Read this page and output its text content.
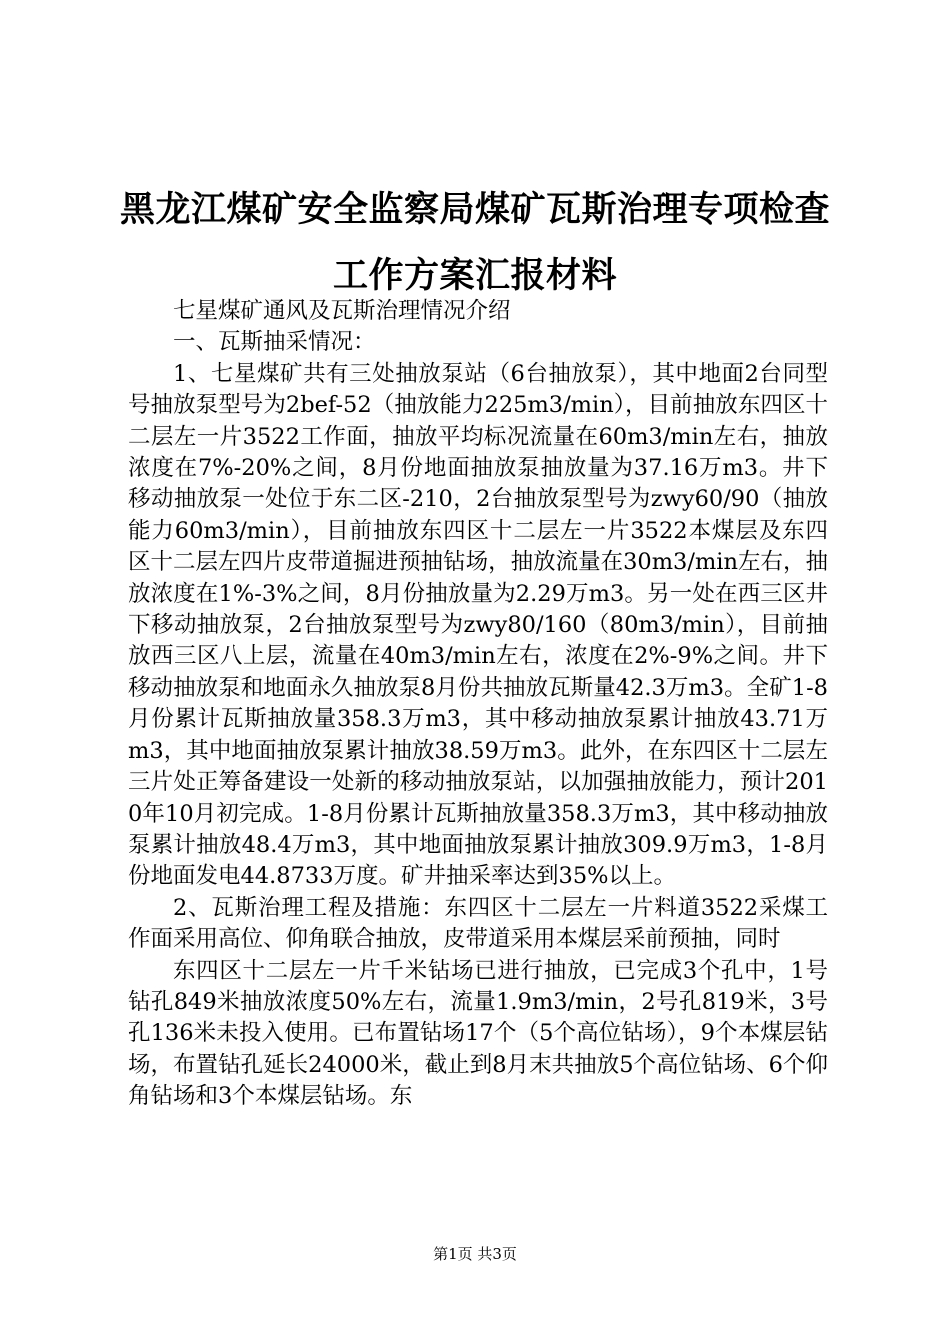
黑龙江煤矿安全监察局煤矿瓦斯治理专项检查
工作方案汇报材料

七星煤矿通风及瓦斯治理情况介绍

一、瓦斯抽采情况：

1、七星煤矿共有三处抽放泵站（6台抽放泵），其中地面2台同型号抽放泵型号为2bef-52（抽放能力225m3/min），目前抽放东四区十二层左一片3522工作面，抽放平均标况流量在60m3/min左右，抽放浓度在7%-20%之间，8月份地面抽放泵抽放量为37.16万m3。井下移动抽放泵一处位于东二区-210，2台抽放泵型号为zwy60/90（抽放能力60m3/min），目前抽放东四区十二层左一片3522本煤层及东四区十二层左四片皮带道掘进预抽钻场，抽放流量在30m3/min左右，抽放浓度在1%-3%之间，8月份抽放量为2.29万m3。另一处在西三区井下移动抽放泵，2台抽放泵型号为zwy80/160（80m3/min），目前抽放西三区八上层，流量在40m3/min左右，浓度在2%-9%之间。井下移动抽放泵和地面永久抽放泵8月份共抽放瓦斯量42.3万m3。全矿1-8月份累计瓦斯抽放量358.3万m3，其中移动抽放泵累计抽放43.71万m3，其中地面抽放泵累计抽放38.59万m3。此外，在东四区十二层左三片处正筹备建设一处新的移动抽放泵站，以加强抽放能力，预计2010年10月初完成。1-8月份累计瓦斯抽放量358.3万m3，其中移动抽放泵累计抽放48.4万m3，其中地面抽放泵累计抽放309.9万m3，1-8月份地面发电44.8733万度。矿井抽采率达到35%以上。

2、瓦斯治理工程及措施：东四区十二层左一片料道3522采煤工作面采用高位、仰角联合抽放，皮带道采用本煤层采前预抽，同时

东四区十二层左一片千米钻场已进行抽放，已完成3个孔中，1号钻孔849米抽放浓度50%左右，流量1.9m3/min，2号孔819米，3号孔136米未投入使用。已布置钻场17个（5个高位钻场），9个本煤层钻场，布置钻孔延长24000米，截止到8月末共抽放5个高位钻场、6个仰角钻场和3个本煤层钻场。东

第1页 共3页
